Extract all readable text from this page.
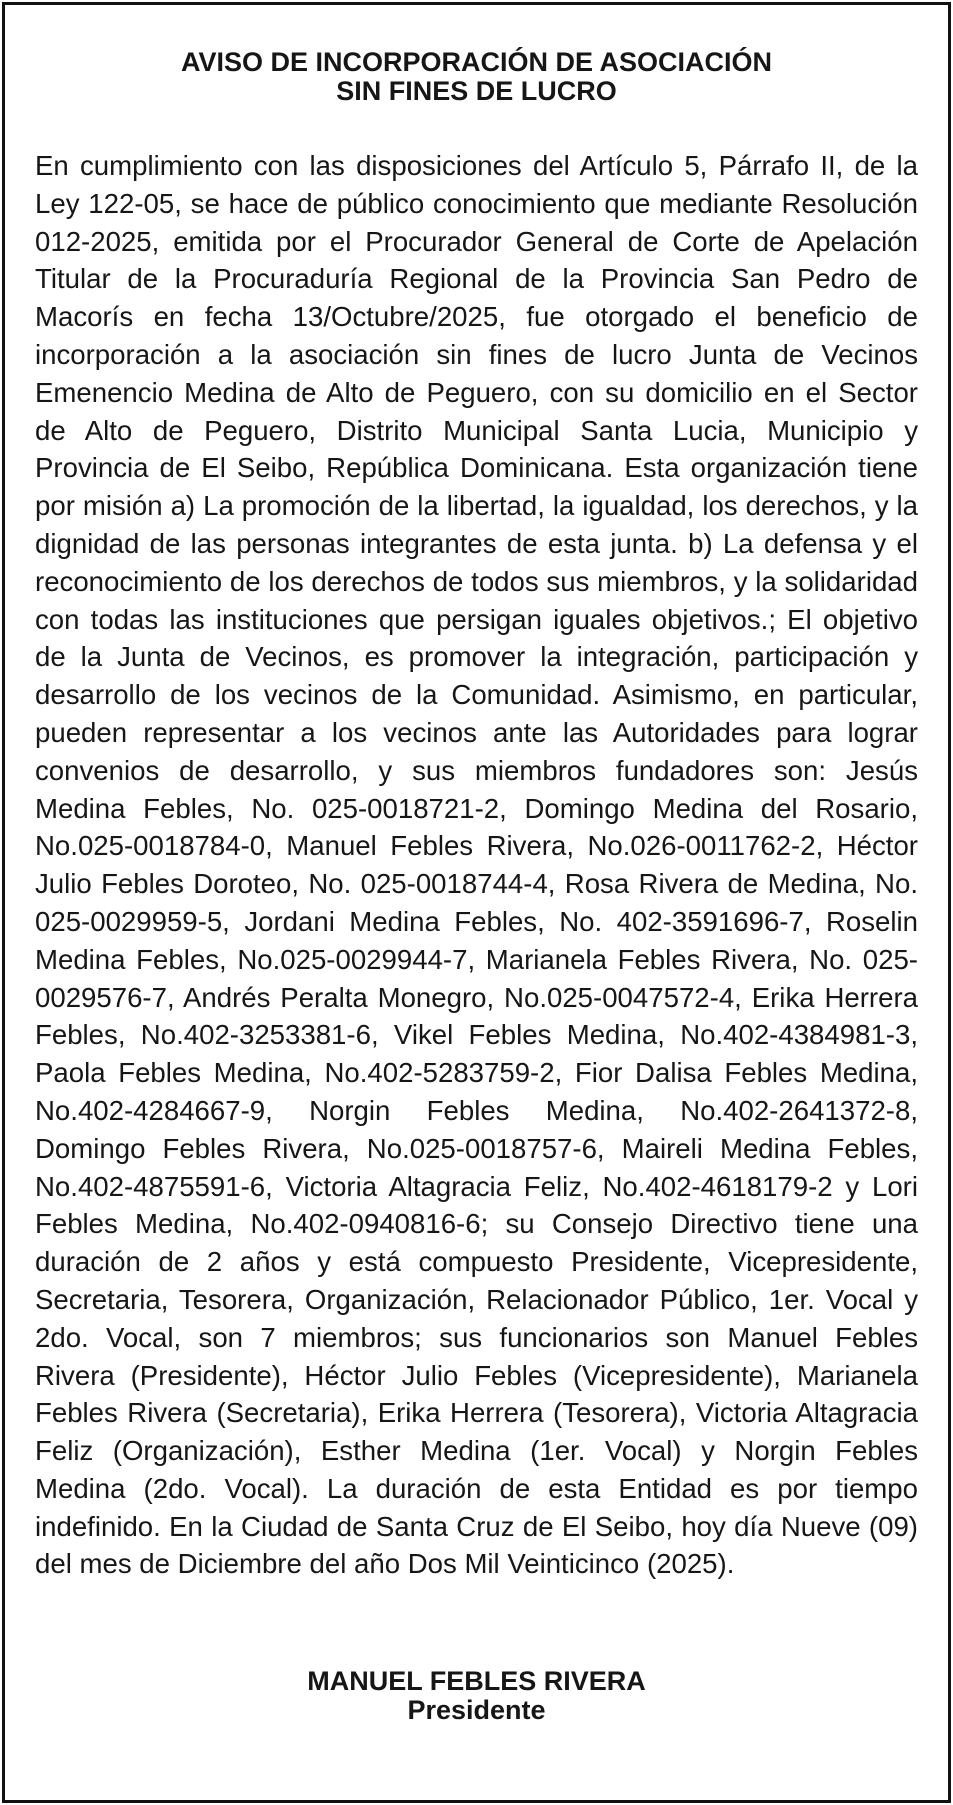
AVISO DE INCORPORACIÓN DE ASOCIACIÓN
SIN FINES DE LUCRO

En cumplimiento con las disposiciones del Artículo 5, Párrafo II, de la Ley 122-05, se hace de público conocimiento que mediante Resolución 012-2025, emitida por el Procurador General de Corte de Apelación Titular de la Procuraduría Regional de la Provincia San Pedro de Macorís en fecha 13/Octubre/2025, fue otorgado el beneficio de incorporación a la asociación sin fines de lucro Junta de Vecinos Emenencio Medina de Alto de Peguero, con su domicilio en el Sector de Alto de Peguero, Distrito Municipal Santa Lucia, Municipio y Provincia de El Seibo, República Dominicana. Esta organización tiene por misión a) La promoción de la libertad, la igualdad, los derechos, y la dignidad de las personas integrantes de esta junta. b) La defensa y el reconocimiento de los derechos de todos sus miembros, y la solidaridad con todas las instituciones que persigan iguales objetivos.; El objetivo de la Junta de Vecinos, es promover la integración, participación y desarrollo de los vecinos de la Comunidad. Asimismo, en particular, pueden representar a los vecinos ante las Autoridades para lograr convenios de desarrollo, y sus miembros fundadores son: Jesús Medina Febles, No. 025-0018721-2, Domingo Medina del Rosario, No.025-0018784-0, Manuel Febles Rivera, No.026-0011762-2, Héctor Julio Febles Doroteo, No. 025-0018744-4, Rosa Rivera de Medina, No. 025-0029959-5, Jordani Medina Febles, No. 402-3591696-7, Roselin Medina Febles, No.025-0029944-7, Marianela Febles Rivera, No. 025-0029576-7, Andrés Peralta Monegro, No.025-0047572-4, Erika Herrera Febles, No.402-3253381-6, Vikel Febles Medina, No.402-4384981-3, Paola Febles Medina, No.402-5283759-2, Fior Dalisa Febles Medina, No.402-4284667-9, Norgin Febles Medina, No.402-2641372-8, Domingo Febles Rivera, No.025-0018757-6, Maireli Medina Febles, No.402-4875591-6, Victoria Altagracia Feliz, No.402-4618179-2 y Lori Febles Medina, No.402-0940816-6; su Consejo Directivo tiene una duración de 2 años y está compuesto Presidente, Vicepresidente, Secretaria, Tesorera, Organización, Relacionador Público, 1er. Vocal y 2do. Vocal, son 7 miembros; sus funcionarios son Manuel Febles Rivera (Presidente), Héctor Julio Febles (Vicepresidente), Marianela Febles Rivera (Secretaria), Erika Herrera (Tesorera), Victoria Altagracia Feliz (Organización), Esther Medina (1er. Vocal) y Norgin Febles Medina (2do. Vocal). La duración de esta Entidad es por tiempo indefinido. En la Ciudad de Santa Cruz de El Seibo, hoy día Nueve (09) del mes de Diciembre del año Dos Mil Veinticinco (2025).

MANUEL FEBLES RIVERA
Presidente
